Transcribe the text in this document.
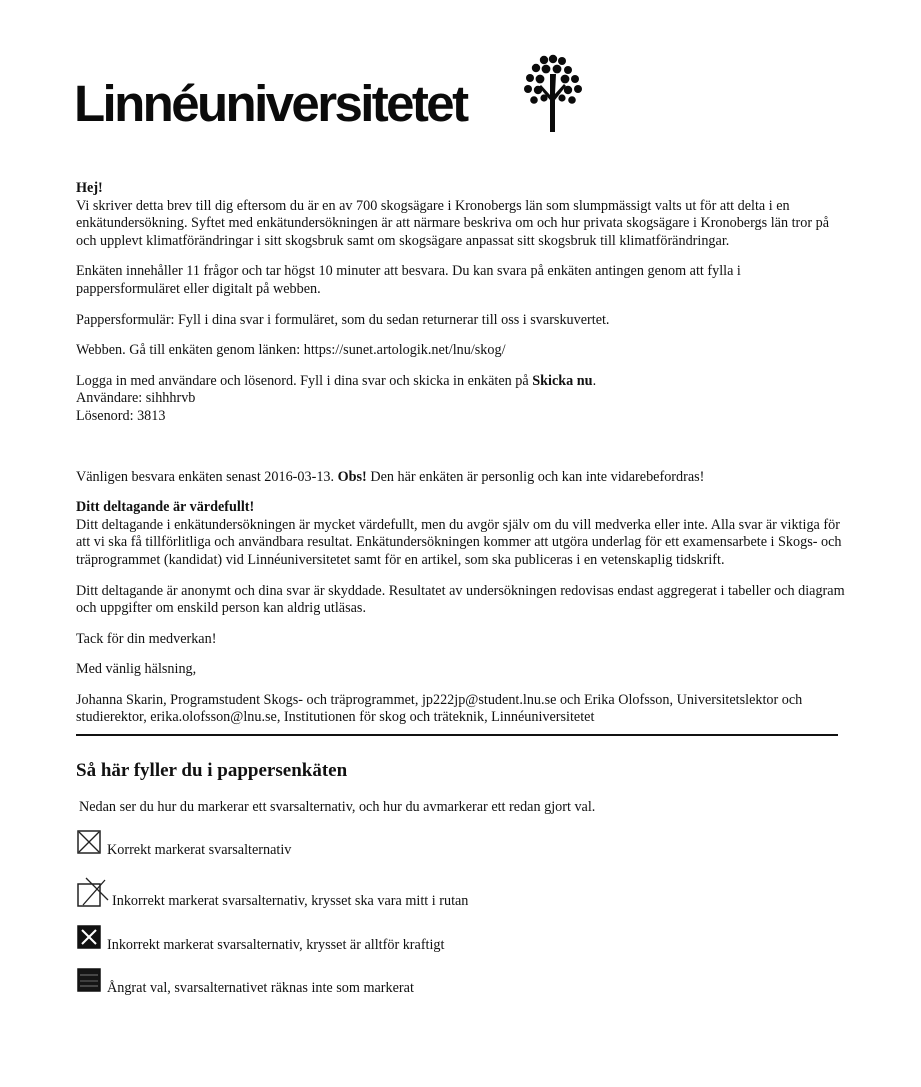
Linnéuniversitetet
Hej!

Vi skriver detta brev till dig eftersom du är en av 700 skogsägare i Kronobergs län som slumpmässigt valts ut för att delta i en enkätundersökning. Syftet med enkätundersökningen är att närmare beskriva om och hur privata skogsägare i Kronobergs län tror på och upplevt klimatförändringar i sitt skogsbruk samt om skogsägare anpassat sitt skogsbruk till klimatförändringar.

Enkäten innehåller 11 frågor och tar högst 10 minuter att besvara. Du kan svara på enkäten antingen genom att fylla i pappersformuläret eller digitalt på webben.

Pappersformulär: Fyll i dina svar i formuläret, som du sedan returnerar till oss i svarskuvertet.

Webben. Gå till enkäten genom länken: https://sunet.artologik.net/lnu/skog/

Logga in med användare och lösenord. Fyll i dina svar och skicka in enkäten på Skicka nu.
Användare: sihhhrvb
Lösenord: 3813

Vänligen besvara enkäten senast 2016-03-13. Obs! Den här enkäten är personlig och kan inte vidarebefordras!

Ditt deltagande är värdefullt!

Ditt deltagande i enkätundersökningen är mycket värdefullt, men du avgör själv om du vill medverka eller inte. Alla svar är viktiga för att vi ska få tillförlitliga och användbara resultat. Enkätundersökningen kommer att utgöra underlag för ett examensarbete i Skogs- och träprogrammet (kandidat) vid Linnéuniversitetet samt för en artikel, som ska publiceras i en vetenskaplig tidskrift.

Ditt deltagande är anonymt och dina svar är skyddade. Resultatet av undersökningen redovisas endast aggregerat i tabeller och diagram och uppgifter om enskild person kan aldrig utläsas.

Tack för din medverkan!

Med vänlig hälsning,

Johanna Skarin, Programstudent Skogs- och träprogrammet, jp222jp@student.lnu.se och Erika Olofsson, Universitetslektor och studierektor, erika.olofsson@lnu.se, Institutionen för skog och träteknik, Linnéuniversitetet
Så här fyller du i pappersenkäten
Nedan ser du hur du markerar ett svarsalternativ, och hur du avmarkerar ett redan gjort val.
Korrekt markerat svarsalternativ
Inkorrekt markerat svarsalternativ, krysset ska vara mitt i rutan
Inkorrekt markerat svarsalternativ, krysset är alltför kraftigt
Ångrat val, svarsalternativet räknas inte som markerat
